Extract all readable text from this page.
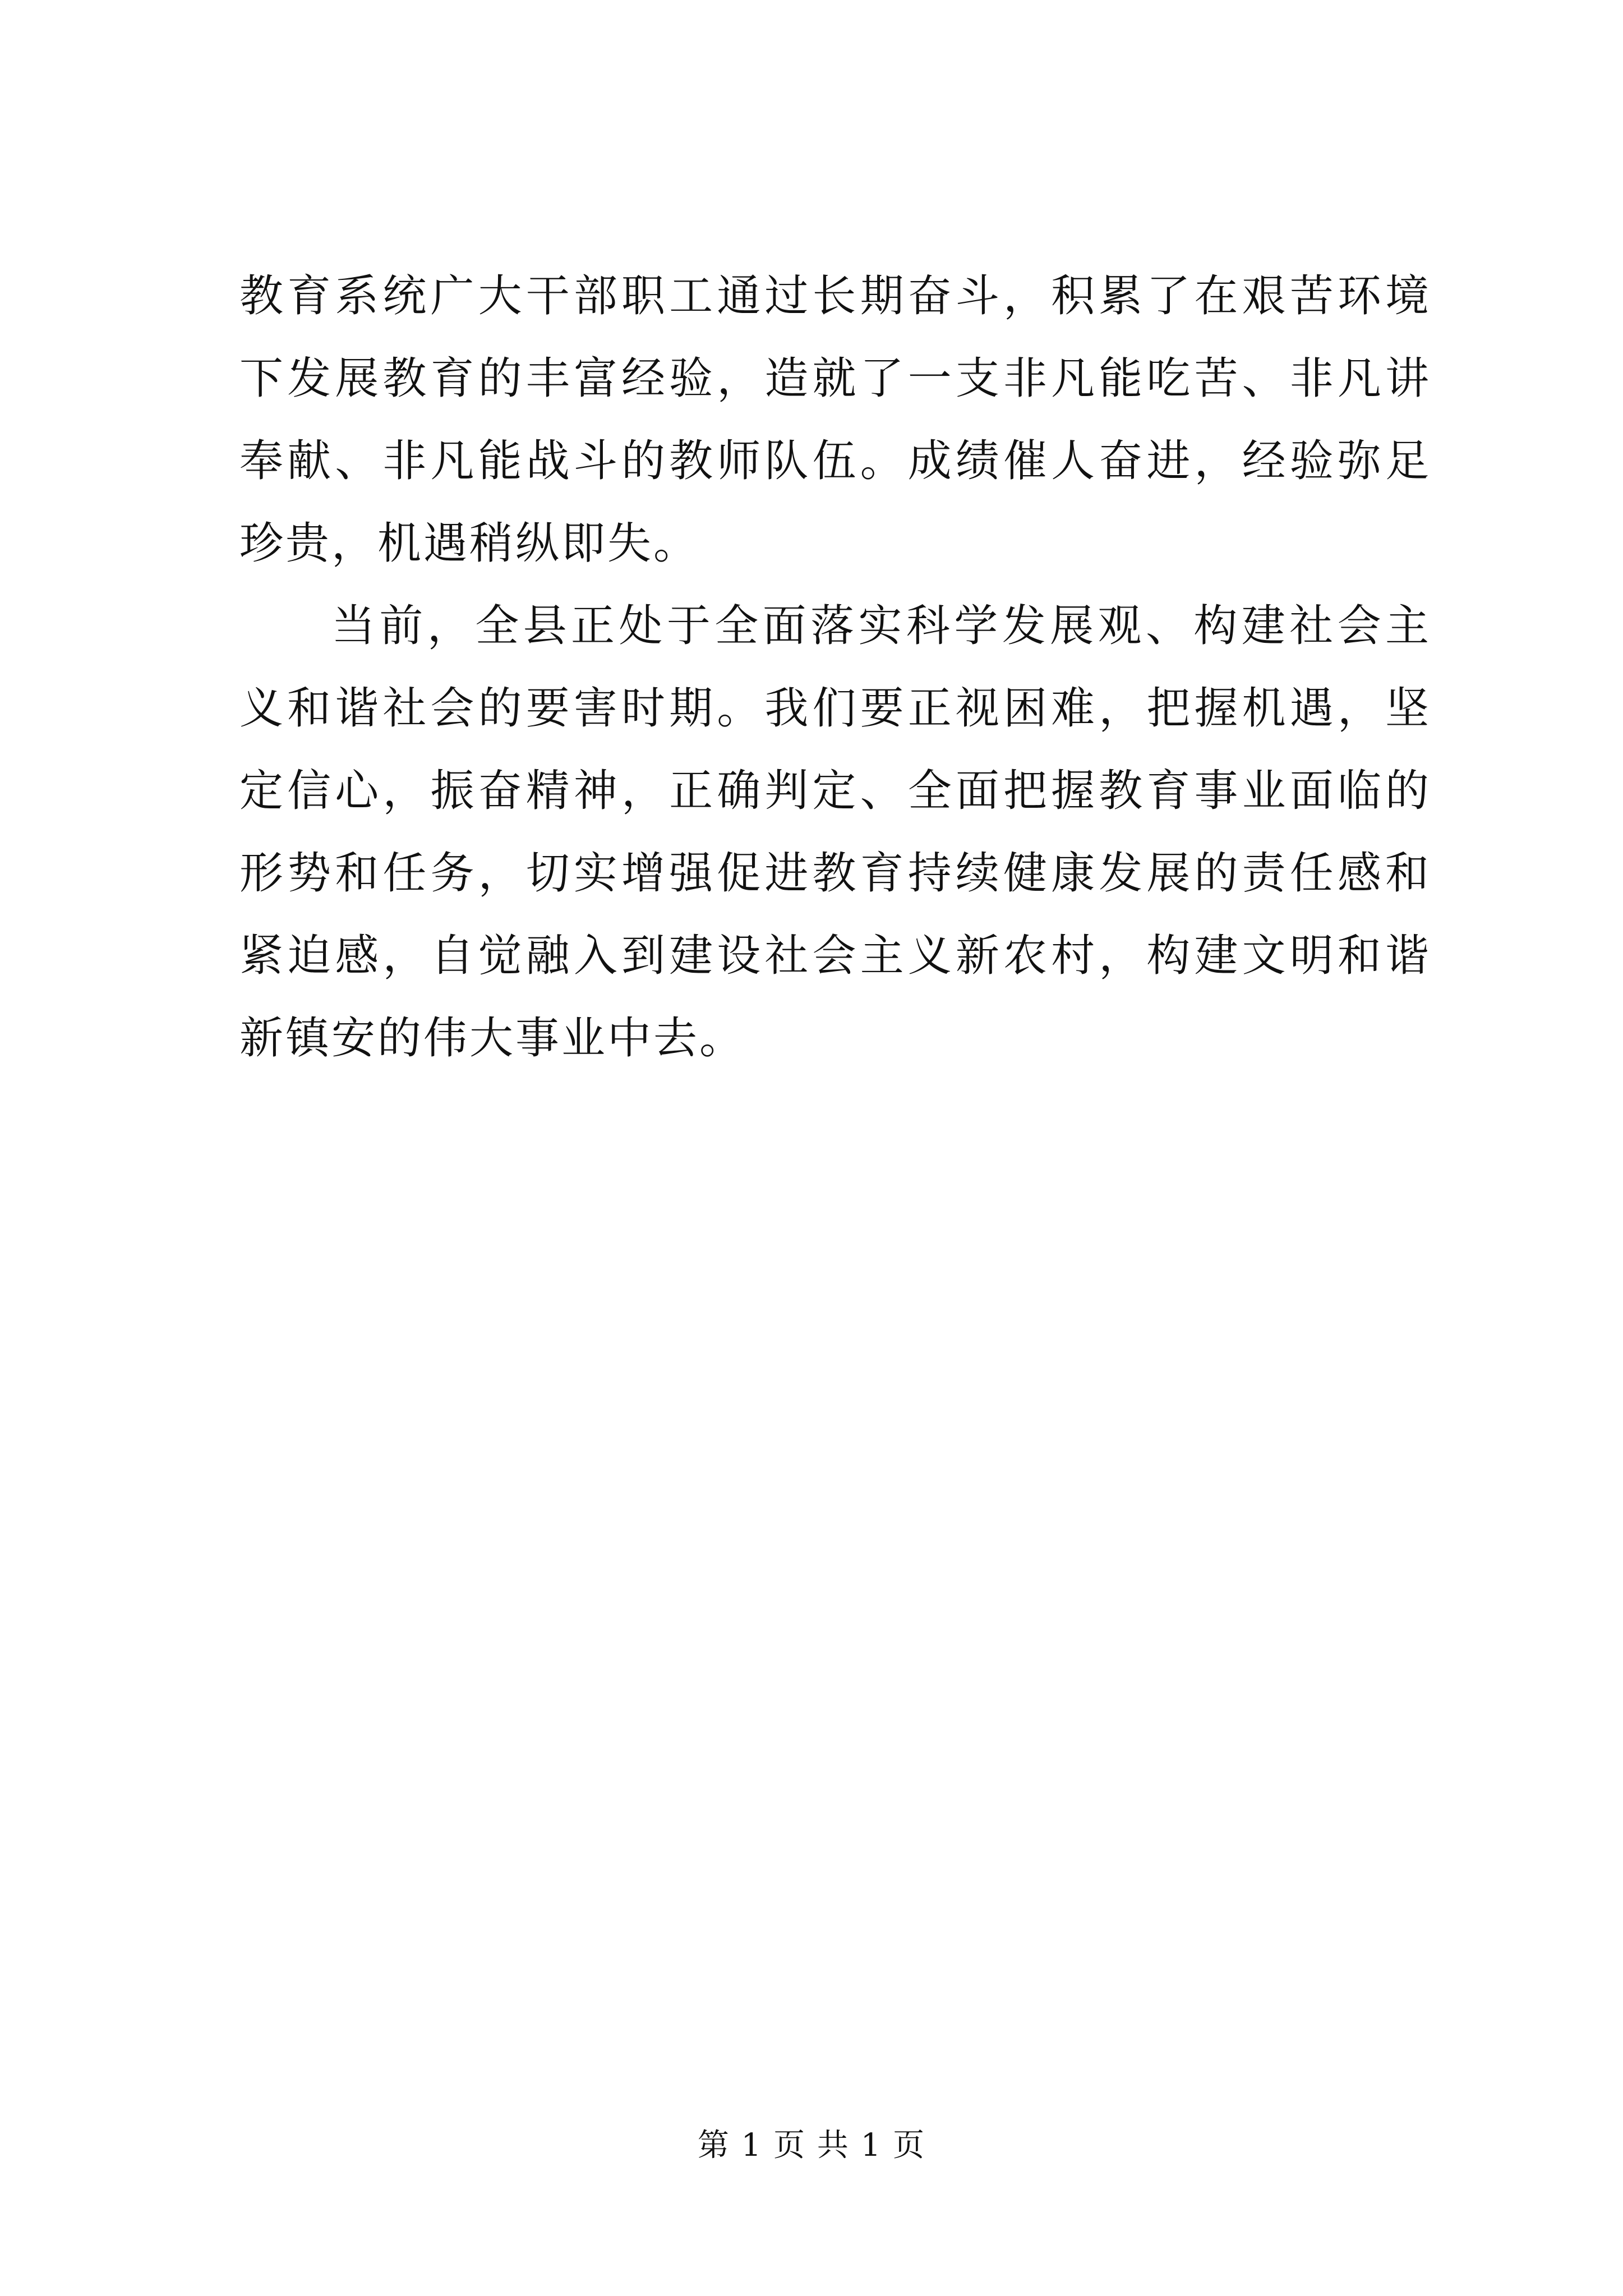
教育系统广大干部职工通过长期奋斗，积累了在艰苦环境下发展教育的丰富经验，造就了一支非凡能吃苦、非凡讲奉献、非凡能战斗的教师队伍。成绩催人奋进，经验弥足珍贵，机遇稍纵即失。

当前，全县正处于全面落实科学发展观、构建社会主义和谐社会的要害时期。我们要正视困难，把握机遇，坚定信心，振奋精神，正确判定、全面把握教育事业面临的形势和任务，切实增强促进教育持续健康发展的责任感和紧迫感，自觉融入到建设社会主义新农村，构建文明和谐新镇安的伟大事业中去。

第 1 页 共 1 页
